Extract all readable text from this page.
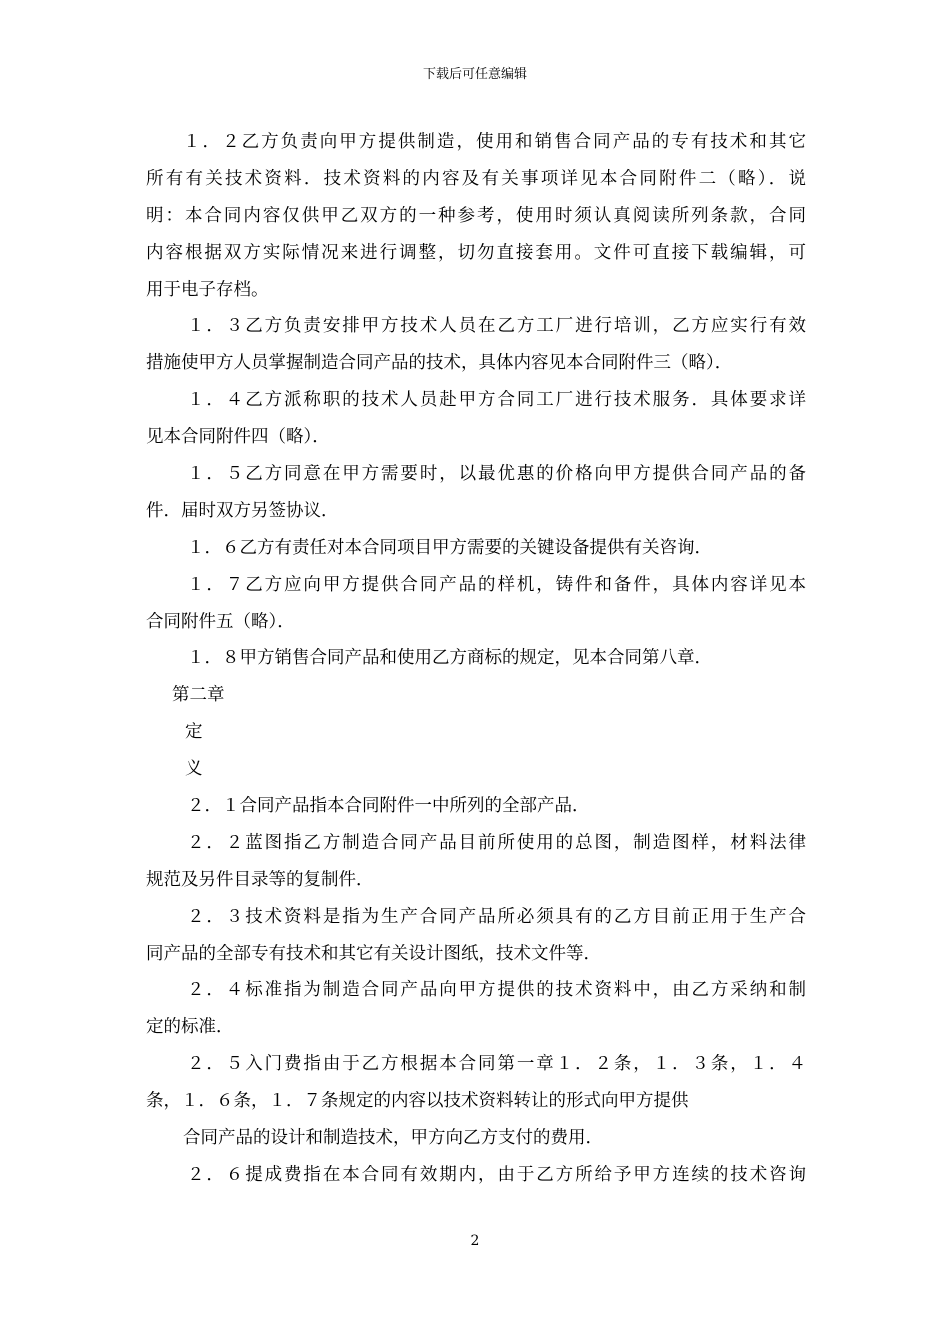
下载后可任意编辑
１．２乙方负责向甲方提供制造，使用和销售合同产品的专有技术和其它
所有有关技术资料．技术资料的内容及有关事项详见本合同附件二（略）．说
明：本合同内容仅供甲乙双方的一种参考，使用时须认真阅读所列条款，合同
内容根据双方实际情况来进行调整，切勿直接套用。文件可直接下载编辑，可
用于电子存档。
１．３乙方负责安排甲方技术人员在乙方工厂进行培训，乙方应实行有效
措施使甲方人员掌握制造合同产品的技术，具体内容见本合同附件三（略）．
１．４乙方派称职的技术人员赴甲方合同工厂进行技术服务．具体要求详
见本合同附件四（略）．
１．５乙方同意在甲方需要时，以最优惠的价格向甲方提供合同产品的备
件．届时双方另签协议．
１．６乙方有责任对本合同项目甲方需要的关键设备提供有关咨询．
１．７乙方应向甲方提供合同产品的样机，铸件和备件，具体内容详见本
合同附件五（略）．
１．８甲方销售合同产品和使用乙方商标的规定，见本合同第八章．
第二章
定
义
２．１合同产品指本合同附件一中所列的全部产品．
２．２蓝图指乙方制造合同产品目前所使用的总图，制造图样，材料法律
规范及另件目录等的复制件．
２．３技术资料是指为生产合同产品所必须具有的乙方目前正用于生产合
同产品的全部专有技术和其它有关设计图纸，技术文件等．
２．４标准指为制造合同产品向甲方提供的技术资料中，由乙方采纳和制
定的标准．
２．５入门费指由于乙方根据本合同第一章１．２条，１．３条，１．４
条，１．６条，１．７条规定的内容以技术资料转让的形式向甲方提供
合同产品的设计和制造技术，甲方向乙方支付的费用．
２．６提成费指在本合同有效期内，由于乙方所给予甲方连续的技术咨询
2
